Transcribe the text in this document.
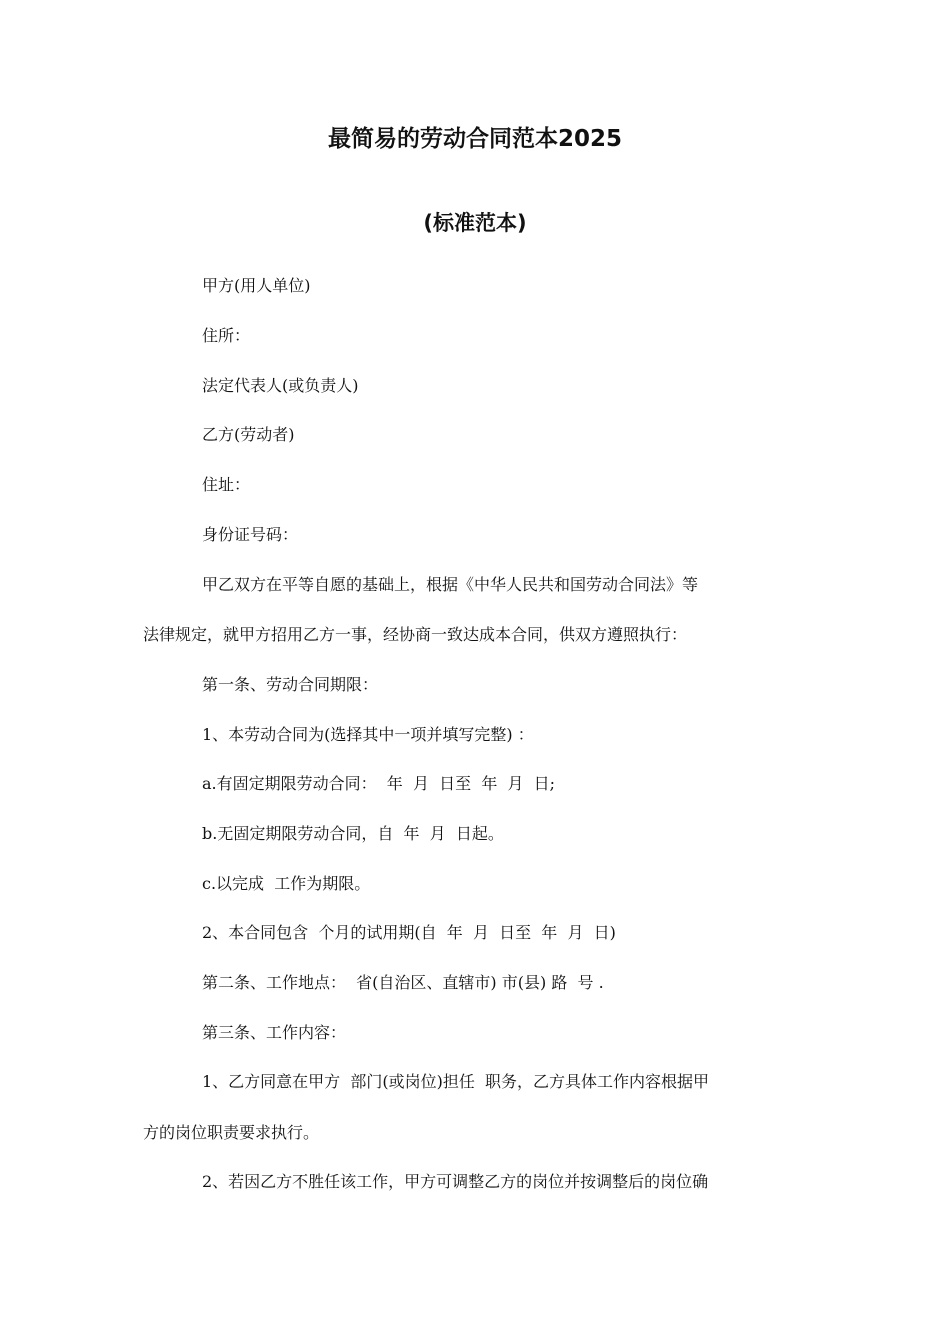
最简易的劳动合同范本2025
(标准范本)

甲方(用人单位)

住所：

法定代表人(或负责人)

乙方(劳动者)

住址：

身份证号码：

甲乙双方在平等自愿的基础上，根据《中华人民共和国劳动合同法》等

法律规定，就甲方招用乙方一事，经协商一致达成本合同，供双方遵照执行：

第一条、劳动合同期限：

1、本劳动合同为(选择其中一项并填写完整) ：

a.有固定期限劳动合同：  年  月  日至  年  月  日;

b.无固定期限劳动合同，自  年  月  日起。

c.以完成  工作为期限。

2、本合同包含  个月的试用期(自  年  月  日至  年  月  日)

第二条、工作地点：  省(自治区、直辖市) 市(县) 路  号 .

第三条、工作内容：

1、乙方同意在甲方  部门(或岗位)担任  职务，乙方具体工作内容根据甲

方的岗位职责要求执行。

2、若因乙方不胜任该工作，甲方可调整乙方的岗位并按调整后的岗位确
